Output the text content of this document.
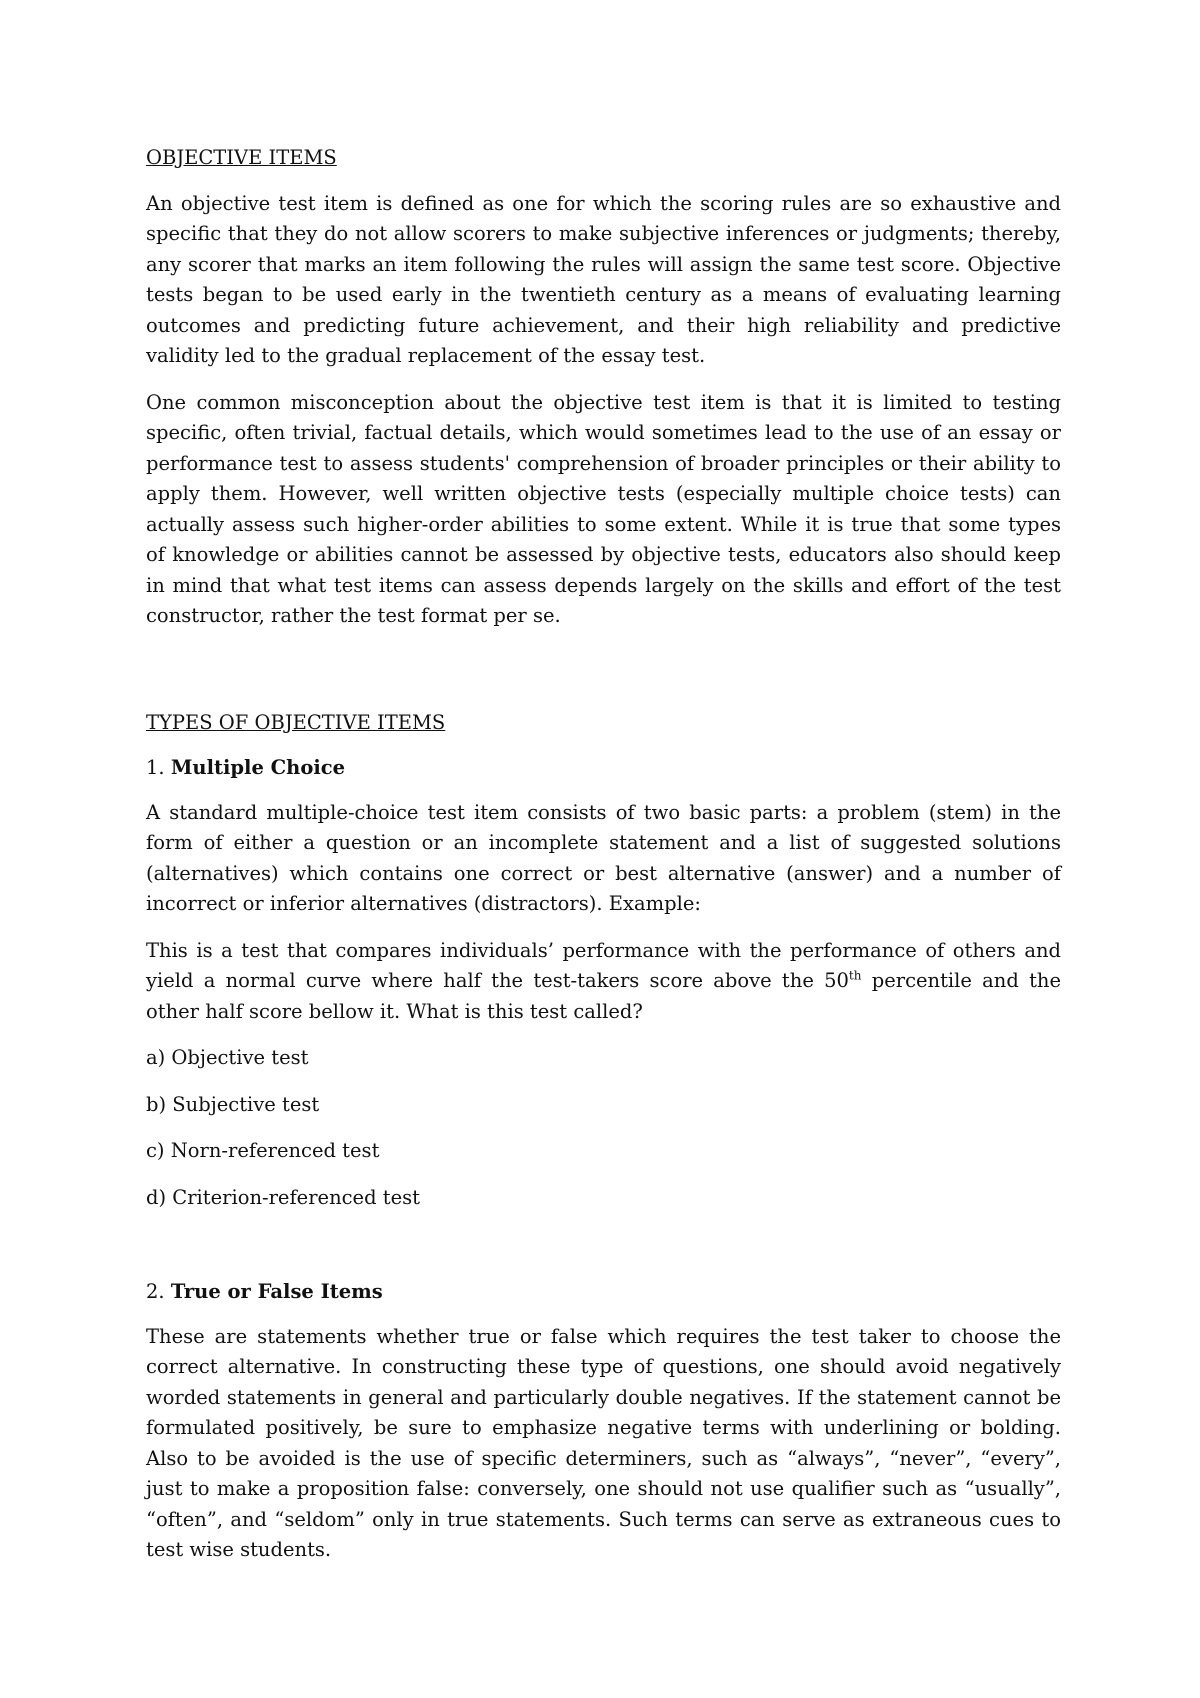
OBJECTIVE ITEMS

An objective test item is defined as one for which the scoring rules are so exhaustive and specific that they do not allow scorers to make subjective inferences or judgments; thereby, any scorer that marks an item following the rules will assign the same test score. Objective tests began to be used early in the twentieth century as a means of evaluating learning outcomes and predicting future achievement, and their high reliability and predictive validity led to the gradual replacement of the essay test.

One common misconception about the objective test item is that it is limited to testing specific, often trivial, factual details, which would sometimes lead to the use of an essay or performance test to assess students' comprehension of broader principles or their ability to apply them. However, well written objective tests (especially multiple choice tests) can actually assess such higher-order abilities to some extent. While it is true that some types of knowledge or abilities cannot be assessed by objective tests, educators also should keep in mind that what test items can assess depends largely on the skills and effort of the test constructor, rather the test format per se.

TYPES OF OBJECTIVE ITEMS
1. Multiple Choice

A standard multiple-choice test item consists of two basic parts: a problem (stem) in the form of either a question or an incomplete statement and a list of suggested solutions (alternatives) which contains one correct or best alternative (answer) and a number of incorrect or inferior alternatives (distractors). Example:

This is a test that compares individuals’ performance with the performance of others and yield a normal curve where half the test-takers score above the 50th percentile and the other half score bellow it. What is this test called?

a) Objective test
b) Subjective test
c) Norn-referenced test
d) Criterion-referenced test
2. True or False Items

These are statements whether true or false which requires the test taker to choose the correct alternative. In constructing these type of questions, one should avoid negatively worded statements in general and particularly double negatives. If the statement cannot be formulated positively, be sure to emphasize negative terms with underlining or bolding. Also to be avoided is the use of specific determiners, such as “always”, “never”, “every”, just to make a proposition false: conversely, one should not use qualifier such as “usually”, “often”, and “seldom” only in true statements. Such terms can serve as extraneous cues to test wise students.
